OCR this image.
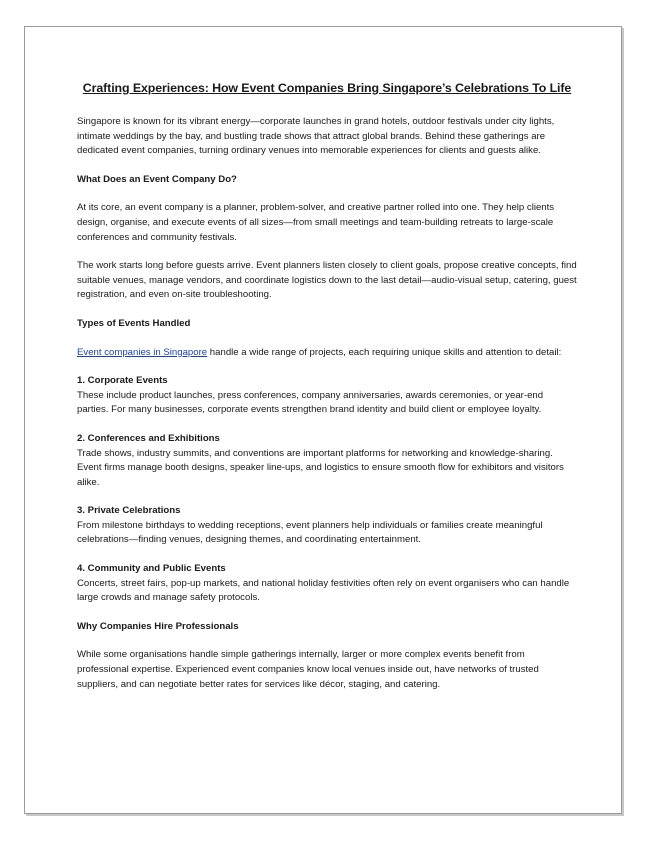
Crafting Experiences: How Event Companies Bring Singapore’s Celebrations To Life

Singapore is known for its vibrant energy—corporate launches in grand hotels, outdoor festivals under city lights, intimate weddings by the bay, and bustling trade shows that attract global brands. Behind these gatherings are dedicated event companies, turning ordinary venues into memorable experiences for clients and guests alike.

What Does an Event Company Do?

At its core, an event company is a planner, problem-solver, and creative partner rolled into one. They help clients design, organise, and execute events of all sizes—from small meetings and team-building retreats to large-scale conferences and community festivals.

The work starts long before guests arrive. Event planners listen closely to client goals, propose creative concepts, find suitable venues, manage vendors, and coordinate logistics down to the last detail—audio-visual setup, catering, guest registration, and even on-site troubleshooting.

Types of Events Handled

Event companies in Singapore handle a wide range of projects, each requiring unique skills and attention to detail:

1. Corporate Events

These include product launches, press conferences, company anniversaries, awards ceremonies, or year-end parties. For many businesses, corporate events strengthen brand identity and build client or employee loyalty.

2. Conferences and Exhibitions

Trade shows, industry summits, and conventions are important platforms for networking and knowledge-sharing. Event firms manage booth designs, speaker line-ups, and logistics to ensure smooth flow for exhibitors and visitors alike.

3. Private Celebrations

From milestone birthdays to wedding receptions, event planners help individuals or families create meaningful celebrations—finding venues, designing themes, and coordinating entertainment.

4. Community and Public Events

Concerts, street fairs, pop-up markets, and national holiday festivities often rely on event organisers who can handle large crowds and manage safety protocols.

Why Companies Hire Professionals

While some organisations handle simple gatherings internally, larger or more complex events benefit from professional expertise. Experienced event companies know local venues inside out, have networks of trusted suppliers, and can negotiate better rates for services like décor, staging, and catering.
